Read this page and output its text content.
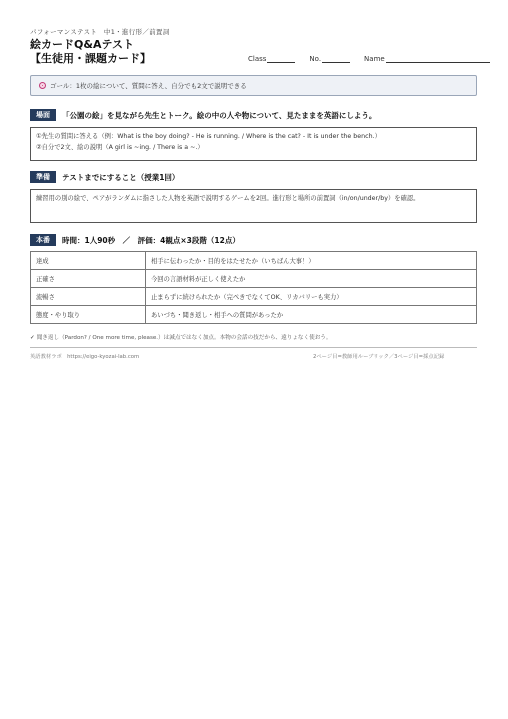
パフォーマンステスト　中1・進行形／前置詞
絵カードQ&Aテスト
【生徒用・課題カード】	Class	No.	Name
ゴール：1枚の絵について、質問に答え、自分でも2文で説明できる
場面	「公園の絵」を見ながら先生とトーク。絵の中の人や物について、見たままを英語にしよう。
①先生の質問に答える（例：What is the boy doing? - He is running. / Where is the cat? - It is under the bench.）
②自分で2文、絵の説明（A girl is ~ing. / There is a ~.）
準備	テストまでにすること（授業1回）
練習用の別の絵で、ペアがランダムに指さした人物を英語で説明するゲームを2回。進行形と場所の前置詞（in/on/under/by）を確認。
本番	時間：1人90秒　／　評価：4観点×3段階（12点）
達成	相手に伝わったか・目的をはたせたか（いちばん大事！）
正確さ	今回の言語材料が正しく使えたか
流暢さ	止まらずに続けられたか（完ぺきでなくてOK、リカバリーも実力）
態度・やり取り	あいづち・聞き返し・相手への質問があったか
✓ 聞き返し（Pardon? / One more time, please.）は減点ではなく加点。本物の会話の技だから、遠りょなく使おう。
英語教材ラボ　https://eigo-kyozai-lab.com	2ページ目=教師用ルーブリック／3ページ目=採点記録
